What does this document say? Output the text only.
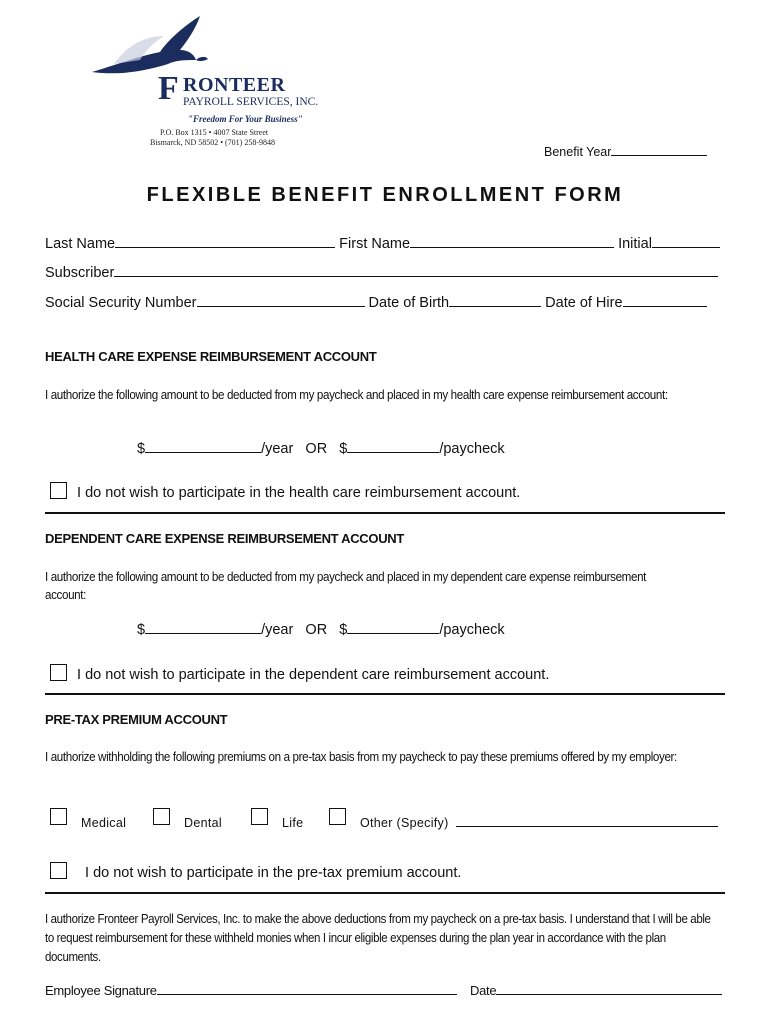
F RONTEER
PAYROLL SERVICES, INC.
"Freedom For Your Business"
P.O. Box 1315 • 4007 State Street
Bismarck, ND 58502 • (701) 258-9848
Benefit Year
FLEXIBLE BENEFIT ENROLLMENT FORM
Last Name	First Name	Initial
Subscriber
Social Security Number	Date of Birth	Date of Hire
HEALTH CARE EXPENSE REIMBURSEMENT ACCOUNT
I authorize the following amount to be deducted from my paycheck and placed in my health care expense reimbursement account:
$	/year OR $	/paycheck
I do not wish to participate in the health care reimbursement account.
DEPENDENT CARE EXPENSE REIMBURSEMENT ACCOUNT
I authorize the following amount to be deducted from my paycheck and placed in my dependent care expense reimbursement account:
$	/year OR $	/paycheck
I do not wish to participate in the dependent care reimbursement account.
PRE-TAX PREMIUM ACCOUNT
I authorize withholding the following premiums on a pre-tax basis from my paycheck to pay these premiums offered by my employer:
Medical	Dental	Life	Other (Specify)
I do not wish to participate in the pre-tax premium account.
I authorize Fronteer Payroll Services, Inc. to make the above deductions from my paycheck on a pre-tax basis. I understand that I will be able to request reimbursement for these withheld monies when I incur eligible expenses during the plan year in accordance with the plan documents.
Employee Signature	Date
